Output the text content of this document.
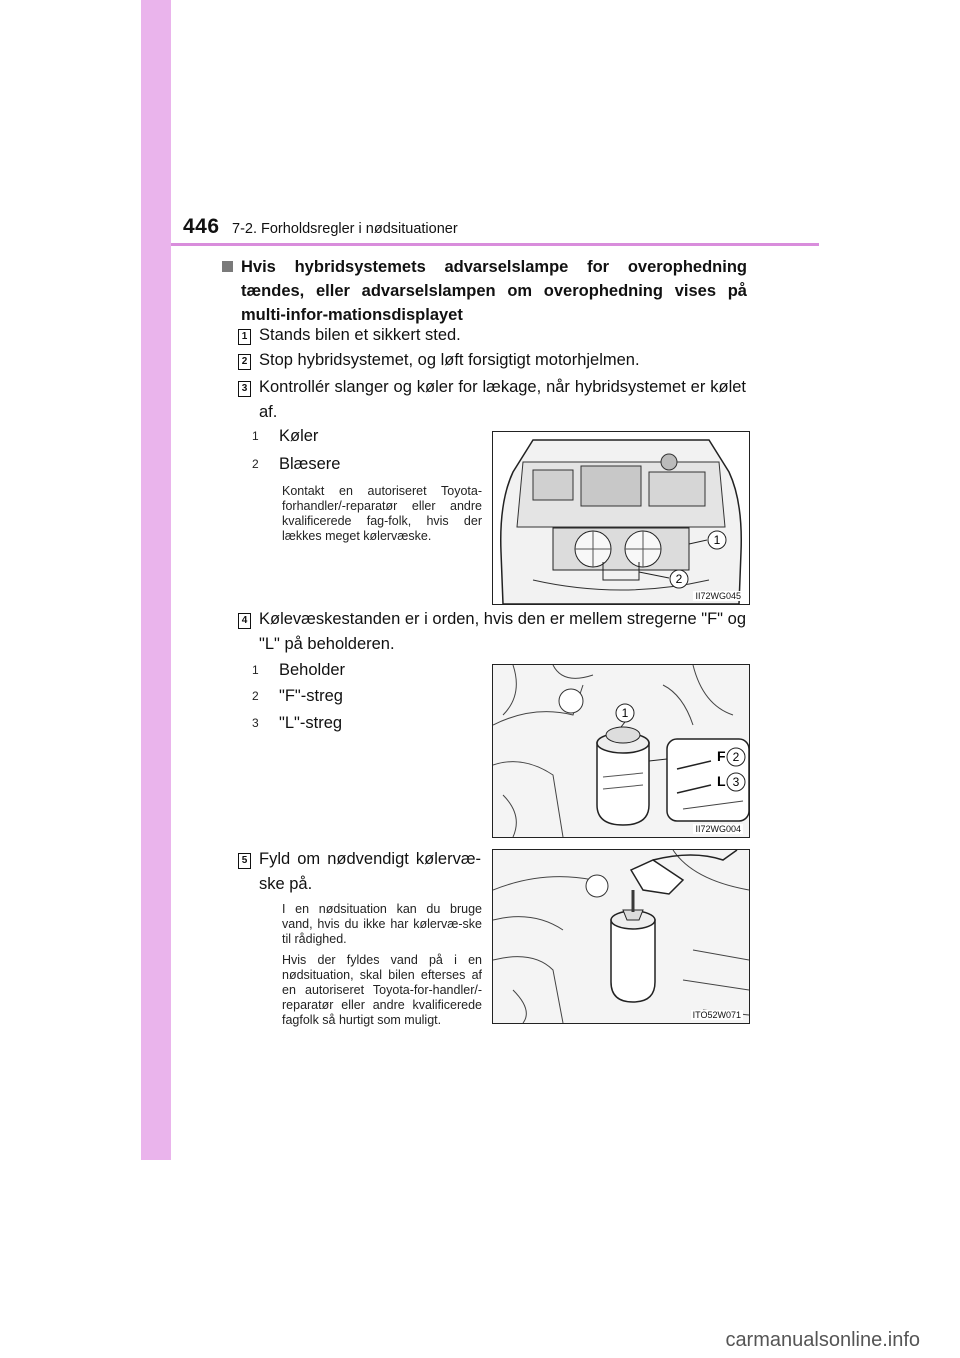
446 7-2. Forholdsregler i nødsituationer
Hvis hybridsystemets advarselslampe for overophedning tændes, eller advarselslampen om overophedning vises på multi-infor-mationsdisplayet
1 Stands bilen et sikkert sted.
2 Stop hybridsystemet, og løft forsigtigt motorhjelmen.
3 Kontrollér slanger og køler for lækage, når hybridsystemet er kølet af.
1 Køler
2 Blæsere
Kontakt en autoriseret Toyota-forhandler/-reparatør eller andre kvalificerede fag-folk, hvis der lækkes meget kølervæske.	1
2
II72WG045
4 Kølevæskestanden er i orden, hvis den er mellem stregerne "F" og "L" på beholderen.
1 Beholder
2 "F"-streg
3 "L"-streg
F
L
1
2
3
II72WG004
5 Fyld om nødvendigt kølervæ-ske på.

I en nødsituation kan du bruge vand, hvis du ikke har kølervæ-ske til rådighed.

Hvis der fyldes vand på i en nødsituation, skal bilen efterses af en autoriseret Toyota-for-handler/-reparatør eller andre kvalificerede fagfolk så hurtigt som muligt.	ITO52W071
carmanualsonline.info
